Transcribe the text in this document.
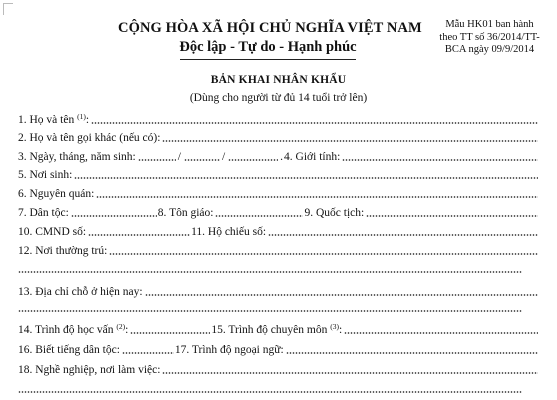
CỘNG HÒA XÃ HỘI CHỦ NGHĨA VIỆT NAM
Độc lập - Tự do - Hạnh phúc
Mẫu HK01 ban hành
theo TT số 36/2014/TT-
BCA ngày 09/9/2014
BẢN KHAI NHÂN KHẨU
(Dùng cho người từ đủ 14 tuổi trở lên)
1. Họ và tên $^{(1)}$:
2. Họ và tên gọi khác (nếu có):
3. Ngày, tháng, năm sinh:	/	/	. 4. Giới tính:
5. Nơi sinh:
6. Nguyên quán:
7. Dân tộc:	8. Tôn giáo:	9. Quốc tịch:
10. CMND số:	11. Hộ chiếu số:
12. Nơi thường trú:
13. Địa chỉ chỗ ở hiện nay:
14. Trình độ học vấn $^{(2)}$:	15. Trình độ chuyên môn $^{(3)}$:
16. Biết tiếng dân tộc:	17. Trình độ ngoại ngữ:
18. Nghề nghiệp, nơi làm việc:
